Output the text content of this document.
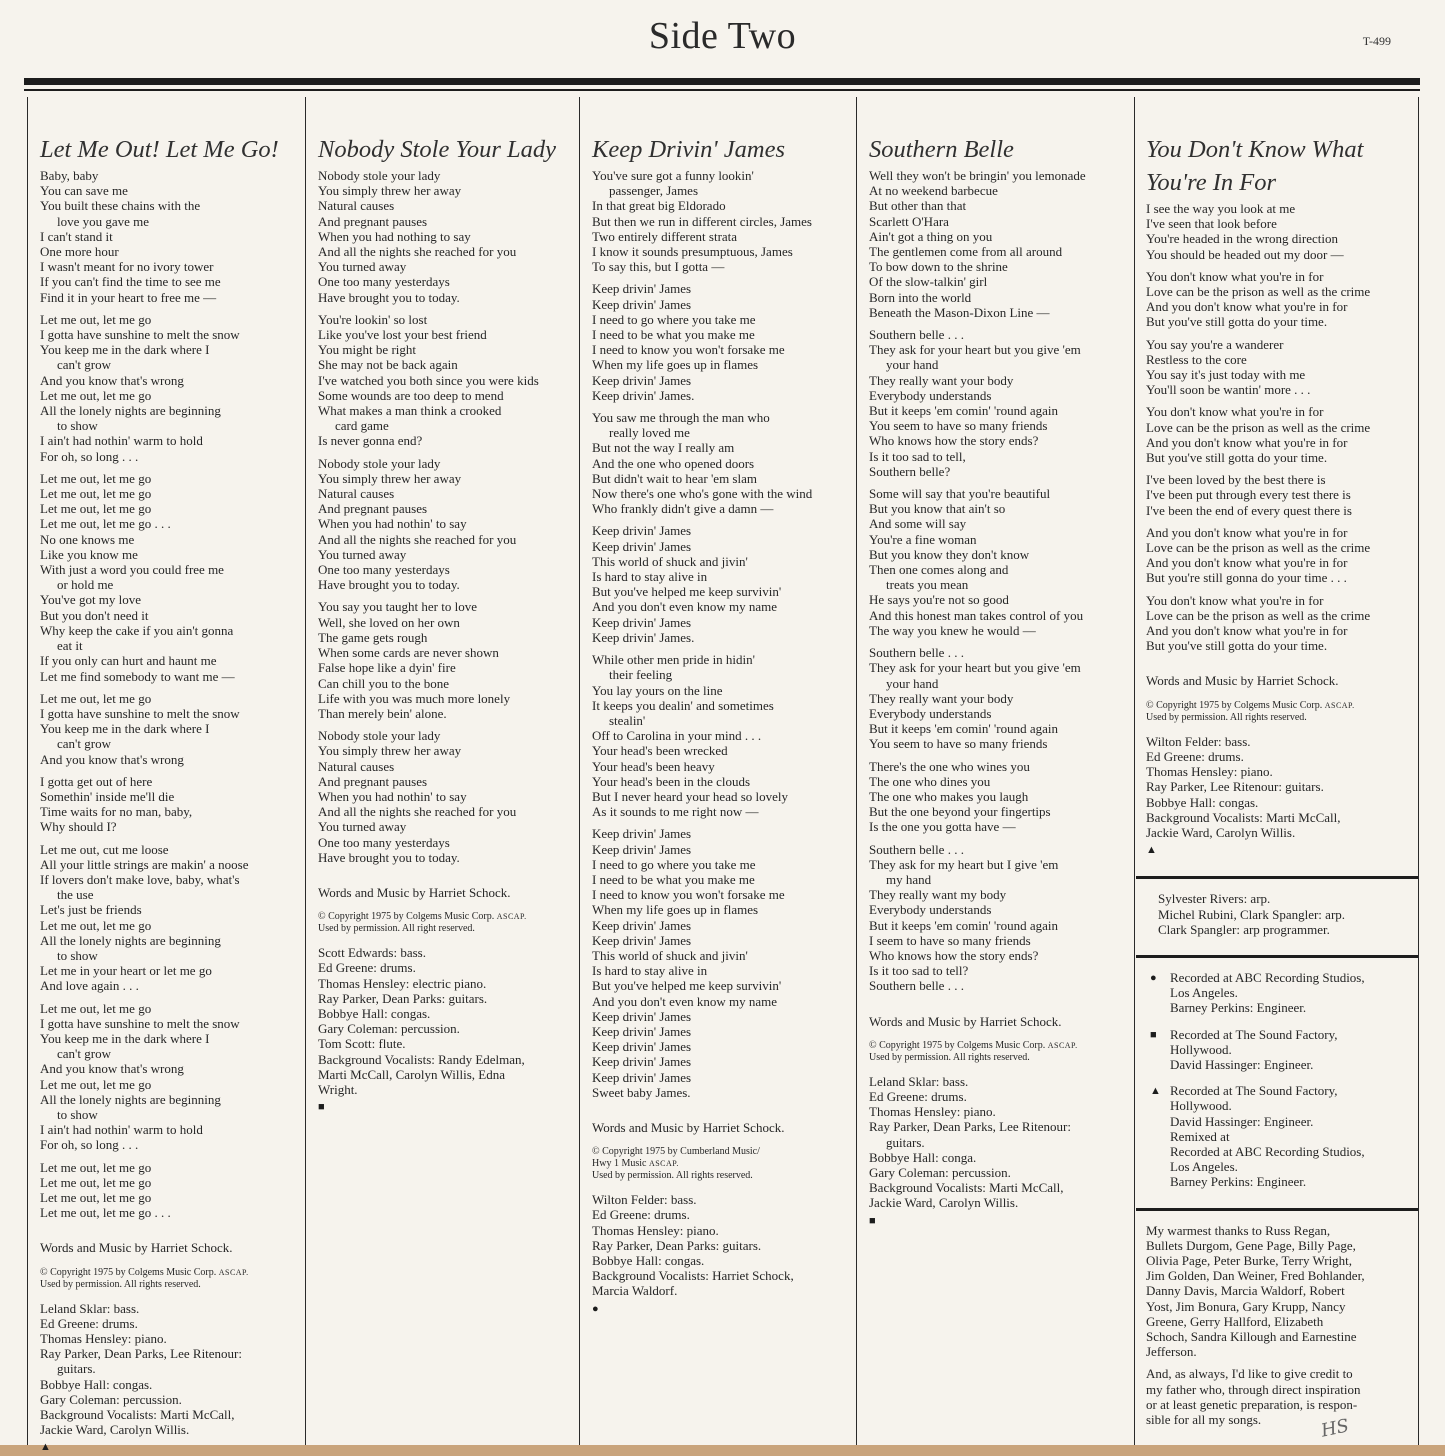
Side Two	T-499
Let Me Out! Let Me Go!
Baby, baby
You can save me
You built these chains with the
love you gave me
I can't stand it
One more hour
I wasn't meant for no ivory tower
If you can't find the time to see me
Find it in your heart to free me —
Let me out, let me go
I gotta have sunshine to melt the snow
You keep me in the dark where I
can't grow
And you know that's wrong
Let me out, let me go
All the lonely nights are beginning
to show
I ain't had nothin' warm to hold
For oh, so long . . .
Let me out, let me go
Let me out, let me go
Let me out, let me go
Let me out, let me go . . .
No one knows me
Like you know me
With just a word you could free me
or hold me
You've got my love
But you don't need it
Why keep the cake if you ain't gonna
eat it
If you only can hurt and haunt me
Let me find somebody to want me —
Let me out, let me go
I gotta have sunshine to melt the snow
You keep me in the dark where I
can't grow
And you know that's wrong
I gotta get out of here
Somethin' inside me'll die
Time waits for no man, baby,
Why should I?
Let me out, cut me loose
All your little strings are makin' a noose
If lovers don't make love, baby, what's
the use
Let's just be friends
Let me out, let me go
All the lonely nights are beginning
to show
Let me in your heart or let me go
And love again . . .
Let me out, let me go
I gotta have sunshine to melt the snow
You keep me in the dark where I
can't grow
And you know that's wrong
Let me out, let me go
All the lonely nights are beginning
to show
I ain't had nothin' warm to hold
For oh, so long . . .
Let me out, let me go
Let me out, let me go
Let me out, let me go
Let me out, let me go . . .
Words and Music by Harriet Schock.
© Copyright 1975 by Colgems Music Corp. ASCAP.
Used by permission. All rights reserved.
Leland Sklar: bass.
Ed Greene: drums.
Thomas Hensley: piano.
Ray Parker, Dean Parks, Lee Ritenour:
guitars.
Bobbye Hall: congas.
Gary Coleman: percussion.
Background Vocalists: Marti McCall,
Jackie Ward, Carolyn Willis.
▲
Nobody Stole Your Lady
Nobody stole your lady
You simply threw her away
Natural causes
And pregnant pauses
When you had nothing to say
And all the nights she reached for you
You turned away
One too many yesterdays
Have brought you to today.
You're lookin' so lost
Like you've lost your best friend
You might be right
She may not be back again
I've watched you both since you were kids
Some wounds are too deep to mend
What makes a man think a crooked
card game
Is never gonna end?
Nobody stole your lady
You simply threw her away
Natural causes
And pregnant pauses
When you had nothin' to say
And all the nights she reached for you
You turned away
One too many yesterdays
Have brought you to today.
You say you taught her to love
Well, she loved on her own
The game gets rough
When some cards are never shown
False hope like a dyin' fire
Can chill you to the bone
Life with you was much more lonely
Than merely bein' alone.
Nobody stole your lady
You simply threw her away
Natural causes
And pregnant pauses
When you had nothin' to say
And all the nights she reached for you
You turned away
One too many yesterdays
Have brought you to today.
Words and Music by Harriet Schock.
© Copyright 1975 by Colgems Music Corp. ASCAP.
Used by permission. All right reserved.
Scott Edwards: bass.
Ed Greene: drums.
Thomas Hensley: electric piano.
Ray Parker, Dean Parks: guitars.
Bobbye Hall: congas.
Gary Coleman: percussion.
Tom Scott: flute.
Background Vocalists: Randy Edelman,
Marti McCall, Carolyn Willis, Edna
Wright.
■
Keep Drivin' James
You've sure got a funny lookin'
passenger, James
In that great big Eldorado
But then we run in different circles, James
Two entirely different strata
I know it sounds presumptuous, James
To say this, but I gotta —
Keep drivin' James
Keep drivin' James
I need to go where you take me
I need to be what you make me
I need to know you won't forsake me
When my life goes up in flames
Keep drivin' James
Keep drivin' James.
You saw me through the man who
really loved me
But not the way I really am
And the one who opened doors
But didn't wait to hear 'em slam
Now there's one who's gone with the wind
Who frankly didn't give a damn —
Keep drivin' James
Keep drivin' James
This world of shuck and jivin'
Is hard to stay alive in
But you've helped me keep survivin'
And you don't even know my name
Keep drivin' James
Keep drivin' James.
While other men pride in hidin'
their feeling
You lay yours on the line
It keeps you dealin' and sometimes
stealin'
Off to Carolina in your mind . . .
Your head's been wrecked
Your head's been heavy
Your head's been in the clouds
But I never heard your head so lovely
As it sounds to me right now —
Keep drivin' James
Keep drivin' James
I need to go where you take me
I need to be what you make me
I need to know you won't forsake me
When my life goes up in flames
Keep drivin' James
Keep drivin' James
This world of shuck and jivin'
Is hard to stay alive in
But you've helped me keep survivin'
And you don't even know my name
Keep drivin' James
Keep drivin' James
Keep drivin' James
Keep drivin' James
Keep drivin' James
Sweet baby James.
Words and Music by Harriet Schock.
© Copyright 1975 by Cumberland Music/
Hwy 1 Music ASCAP.
Used by permission. All rights reserved.
Wilton Felder: bass.
Ed Greene: drums.
Thomas Hensley: piano.
Ray Parker, Dean Parks: guitars.
Bobbye Hall: congas.
Background Vocalists: Harriet Schock,
Marcia Waldorf.
●
Southern Belle
Well they won't be bringin' you lemonade
At no weekend barbecue
But other than that
Scarlett O'Hara
Ain't got a thing on you
The gentlemen come from all around
To bow down to the shrine
Of the slow-talkin' girl
Born into the world
Beneath the Mason-Dixon Line —
Southern belle . . .
They ask for your heart but you give 'em
your hand
They really want your body
Everybody understands
But it keeps 'em comin' 'round again
You seem to have so many friends
Who knows how the story ends?
Is it too sad to tell,
Southern belle?
Some will say that you're beautiful
But you know that ain't so
And some will say
You're a fine woman
But you know they don't know
Then one comes along and
treats you mean
He says you're not so good
And this honest man takes control of you
The way you knew he would —
Southern belle . . .
They ask for your heart but you give 'em
your hand
They really want your body
Everybody understands
But it keeps 'em comin' 'round again
You seem to have so many friends
There's the one who wines you
The one who dines you
The one who makes you laugh
But the one beyond your fingertips
Is the one you gotta have —
Southern belle . . .
They ask for my heart but I give 'em
my hand
They really want my body
Everybody understands
But it keeps 'em comin' 'round again
I seem to have so many friends
Who knows how the story ends?
Is it too sad to tell?
Southern belle . . .
Words and Music by Harriet Schock.
© Copyright 1975 by Colgems Music Corp. ASCAP.
Used by permission. All rights reserved.
Leland Sklar: bass.
Ed Greene: drums.
Thomas Hensley: piano.
Ray Parker, Dean Parks, Lee Ritenour:
guitars.
Bobbye Hall: conga.
Gary Coleman: percussion.
Background Vocalists: Marti McCall,
Jackie Ward, Carolyn Willis.
■
You Don't Know What
You're In For
I see the way you look at me
I've seen that look before
You're headed in the wrong direction
You should be headed out my door —
You don't know what you're in for
Love can be the prison as well as the crime
And you don't know what you're in for
But you've still gotta do your time.
You say you're a wanderer
Restless to the core
You say it's just today with me
You'll soon be wantin' more . . .
You don't know what you're in for
Love can be the prison as well as the crime
And you don't know what you're in for
But you've still gotta do your time.
I've been loved by the best there is
I've been put through every test there is
I've been the end of every quest there is
And you don't know what you're in for
Love can be the prison as well as the crime
And you don't know what you're in for
But you're still gonna do your time . . .
You don't know what you're in for
Love can be the prison as well as the crime
And you don't know what you're in for
But you've still gotta do your time.
Words and Music by Harriet Schock.
© Copyright 1975 by Colgems Music Corp. ASCAP.
Used by permission. All rights reserved.
Wilton Felder: bass.
Ed Greene: drums.
Thomas Hensley: piano.
Ray Parker, Lee Ritenour: guitars.
Bobbye Hall: congas.
Background Vocalists: Marti McCall,
Jackie Ward, Carolyn Willis.
▲
Sylvester Rivers: arp.
Michel Rubini, Clark Spangler: arp.
Clark Spangler: arp programmer.
●	Recorded at ABC Recording Studios,
Los Angeles.
Barney Perkins: Engineer.
■	Recorded at The Sound Factory,
Hollywood.
David Hassinger: Engineer.
▲ Recorded at The Sound Factory,
Hollywood.
David Hassinger: Engineer.
Remixed at
Recorded at ABC Recording Studios,
Los Angeles.
Barney Perkins: Engineer.
My warmest thanks to Russ Regan,
Bullets Durgom, Gene Page, Billy Page,
Olivia Page, Peter Burke, Terry Wright,
Jim Golden, Dan Weiner, Fred Bohlander,
Danny Davis, Marcia Waldorf, Robert
Yost, Jim Bonura, Gary Krupp, Nancy
Greene, Gerry Hallford, Elizabeth
Schoch, Sandra Killough and Earnestine
Jefferson.
And, as always, I'd like to give credit to
my father who, through direct inspiration
or at least genetic preparation, is respon-
sible for all my songs.	HS
